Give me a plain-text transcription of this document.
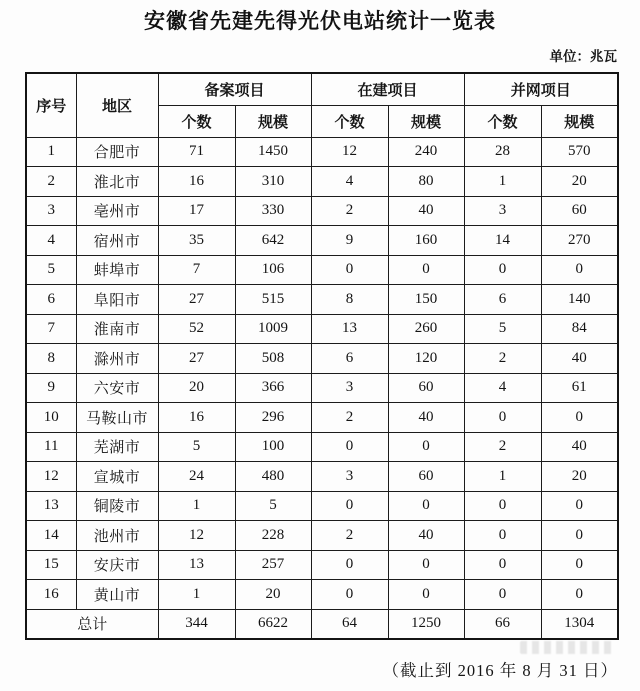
安徽省先建先得光伏电站统计一览表
单位：兆瓦
序号	地区	备案项目		在建项目		并网项目	
		个数	规模	个数	规模	个数	规模
1	合肥市	71	1450	12	240	28	570
2	淮北市	16	310	4	80	1	20
3	亳州市	17	330	2	40	3	60
4	宿州市	35	642	9	160	14	270
5	蚌埠市	7	106	0	0	0	0
6	阜阳市	27	515	8	150	6	140
7	淮南市	52	1009	13	260	5	84
8	滁州市	27	508	6	120	2	40
9	六安市	20	366	3	60	4	61
10	马鞍山市	16	296	2	40	0	0
11	芜湖市	5	100	0	0	2	40
12	宣城市	24	480	3	60	1	20
13	铜陵市	1	5	0	0	0	0
14	池州市	12	228	2	40	0	0
15	安庆市	13	257	0	0	0	0
16	黄山市	1	20	0	0	0	0
总计		344	6622	64	1250	66	1304
（截止到 2016 年 8 月 31 日）
